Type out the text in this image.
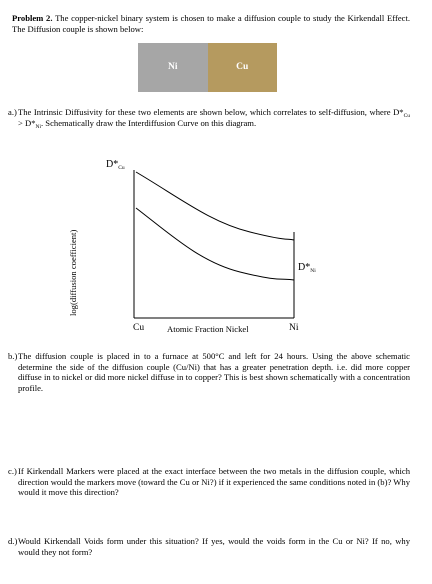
Problem 2. The copper-nickel binary system is chosen to make a diffusion couple to study the Kirkendall Effect. The Diffusion couple is shown below:
Ni	Cu
a.) The Intrinsic Diffusivity for these two elements are shown below, which correlates to self-diffusion, where $D*_{Cu} > D*_{Ni}$. Schematically draw the Interdiffusion Curve on this diagram.
$D*_{Cu}$
$D*_{Ni}$
log(diffusion coefficient)
Cu	Atomic Fraction Nickel	Ni
b.) The diffusion couple is placed in to a furnace at 500°C and left for 24 hours. Using the above schematic determine the side of the diffusion couple (Cu/Ni) that has a greater penetration depth. i.e. did more copper diffuse in to nickel or did more nickel diffuse in to copper? This is best shown schematically with a concentration profile.
c.) If Kirkendall Markers were placed at the exact interface between the two metals in the diffusion couple, which direction would the markers move (toward the Cu or Ni?) if it experienced the same conditions noted in (b)? Why would it move this direction?
d.) Would Kirkendall Voids form under this situation? If yes, would the voids form in the Cu or Ni? If no, why would they not form?
